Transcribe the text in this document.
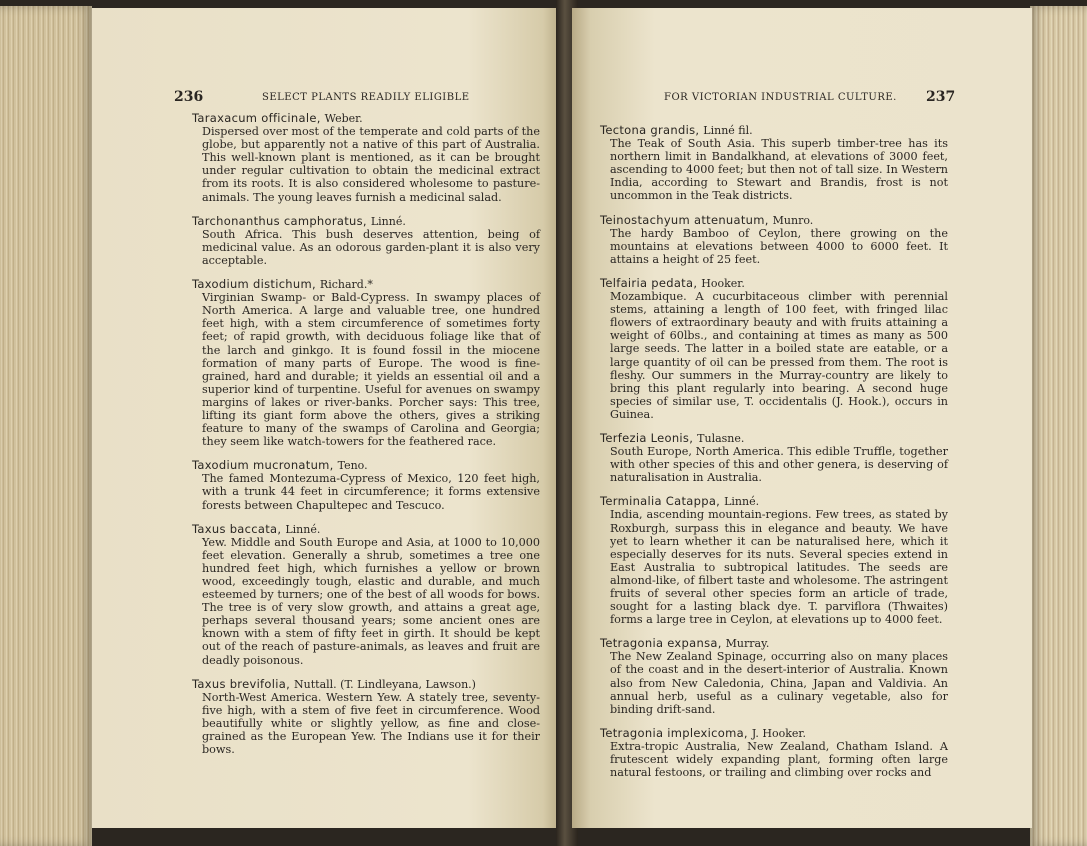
236	SELECT PLANTS READILY ELIGIBLE
Taraxacum officinale, Weber.
Dispersed over most of the temperate and cold parts of the globe, but apparently not a native of this part of Australia. This well-known plant is mentioned, as it can be brought under regular cultivation to obtain the medicinal extract from its roots. It is also considered wholesome to pasture-animals. The young leaves furnish a medicinal salad.
Tarchonanthus camphoratus, Linné.
South Africa. This bush deserves attention, being of medicinal value. As an odorous garden-plant it is also very acceptable.
Taxodium distichum, Richard.*
Virginian Swamp- or Bald-Cypress. In swampy places of North America. A large and valuable tree, one hundred feet high, with a stem circumference of sometimes forty feet; of rapid growth, with deciduous foliage like that of the larch and ginkgo. It is found fossil in the miocene formation of many parts of Europe. The wood is fine-grained, hard and durable; it yields an essential oil and a superior kind of turpentine. Useful for avenues on swampy margins of lakes or river-banks. Porcher says: This tree, lifting its giant form above the others, gives a striking feature to many of the swamps of Carolina and Georgia; they seem like watch-towers for the feathered race.
Taxodium mucronatum, Teno.
The famed Montezuma-Cypress of Mexico, 120 feet high, with a trunk 44 feet in circumference; it forms extensive forests between Chapultepec and Tescuco.
Taxus baccata, Linné.
Yew. Middle and South Europe and Asia, at 1000 to 10,000 feet elevation. Generally a shrub, sometimes a tree one hundred feet high, which furnishes a yellow or brown wood, exceedingly tough, elastic and durable, and much esteemed by turners; one of the best of all woods for bows. The tree is of very slow growth, and attains a great age, perhaps several thousand years; some ancient ones are known with a stem of fifty feet in girth. It should be kept out of the reach of pasture-animals, as leaves and fruit are deadly poisonous.
Taxus brevifolia, Nuttall. (T. Lindleyana, Lawson.)
North-West America. Western Yew. A stately tree, seventy-five high, with a stem of five feet in circumference. Wood beautifully white or slightly yellow, as fine and close-grained as the European Yew. The Indians use it for their bows.
FOR VICTORIAN INDUSTRIAL CULTURE. 237
Tectona grandis, Linné fil.
The Teak of South Asia. This superb timber-tree has its northern limit in Bandalkhand, at elevations of 3000 feet, ascending to 4000 feet; but then not of tall size. In Western India, according to Stewart and Brandis, frost is not uncommon in the Teak districts.
Teinostachyum attenuatum, Munro.
The hardy Bamboo of Ceylon, there growing on the mountains at elevations between 4000 to 6000 feet. It attains a height of 25 feet.
Telfairia pedata, Hooker.
Mozambique. A cucurbitaceous climber with perennial stems, attaining a length of 100 feet, with fringed lilac flowers of extraordinary beauty and with fruits attaining a weight of 60lbs., and containing at times as many as 500 large seeds. The latter in a boiled state are eatable, or a large quantity of oil can be pressed from them. The root is fleshy. Our summers in the Murray-country are likely to bring this plant regularly into bearing. A second huge species of similar use, T. occidentalis (J. Hook.), occurs in Guinea.
Terfezia Leonis, Tulasne.
South Europe, North America. This edible Truffle, together with other species of this and other genera, is deserving of naturalisation in Australia.
Terminalia Catappa, Linné.
India, ascending mountain-regions. Few trees, as stated by Roxburgh, surpass this in elegance and beauty. We have yet to learn whether it can be naturalised here, which it especially deserves for its nuts. Several species extend in East Australia to subtropical latitudes. The seeds are almond-like, of filbert taste and wholesome. The astringent fruits of several other species form an article of trade, sought for a lasting black dye. T. parviflora (Thwaites) forms a large tree in Ceylon, at elevations up to 4000 feet.
Tetragonia expansa, Murray.
The New Zealand Spinage, occurring also on many places of the coast and in the desert-interior of Australia. Known also from New Caledonia, China, Japan and Valdivia. An annual herb, useful as a culinary vegetable, also for binding drift-sand.
Tetragonia implexicoma, J. Hooker.
Extra-tropic Australia, New Zealand, Chatham Island. A frutescent widely expanding plant, forming often large natural festoons, or trailing and climbing over rocks and
